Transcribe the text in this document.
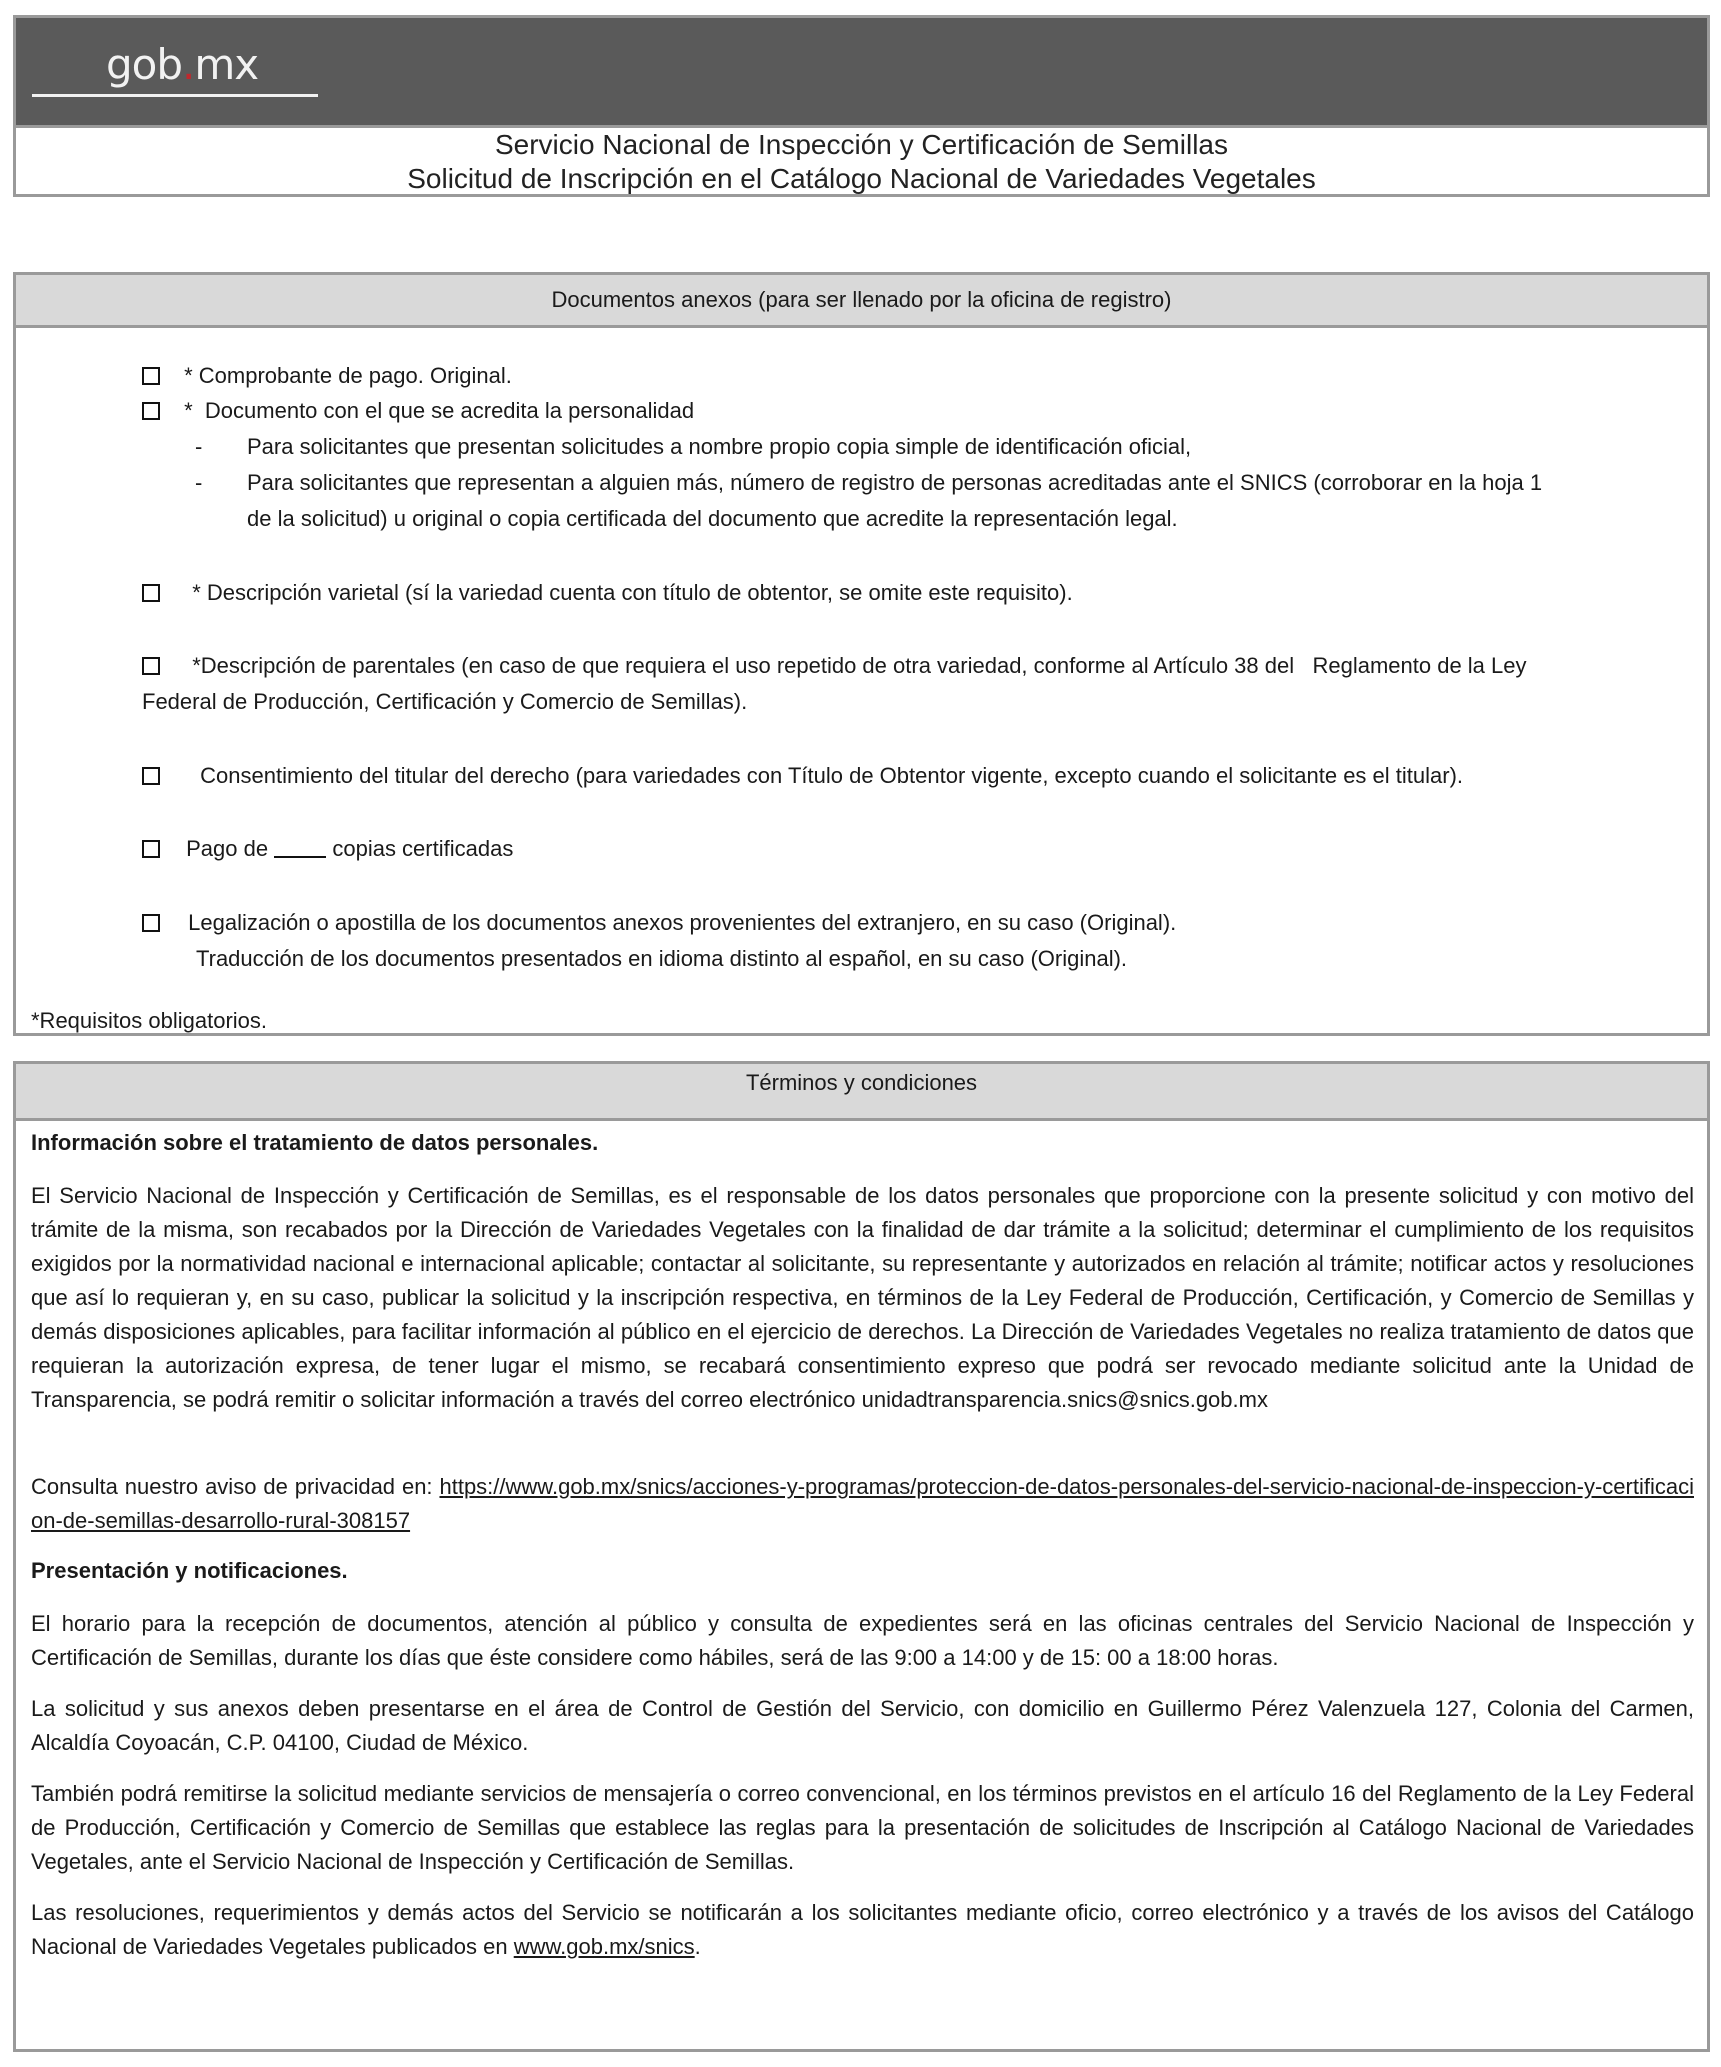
gob.mx
Servicio Nacional de Inspección y Certificación de Semillas
Solicitud de Inscripción en el Catálogo Nacional de Variedades Vegetales
Documentos anexos (para ser llenado por la oficina de registro)
* Comprobante de pago. Original.
*  Documento con el que se acredita la personalidad
- Para solicitantes que presentan solicitudes a nombre propio copia simple de identificación oficial,
- Para solicitantes que representan a alguien más, número de registro de personas acreditadas ante el SNICS (corroborar en la hoja 1
de la solicitud) u original o copia certificada del documento que acredite la representación legal.
* Descripción varietal (sí la variedad cuenta con título de obtentor, se omite este requisito).
*Descripción de parentales (en caso de que requiera el uso repetido de otra variedad, conforme al Artículo 38 del   Reglamento de la Ley
Federal de Producción, Certificación y Comercio de Semillas).
Consentimiento del titular del derecho (para variedades con Título de Obtentor vigente, excepto cuando el solicitante es el titular).
Pago de	copias certificadas
Legalización o apostilla de los documentos anexos provenientes del extranjero, en su caso (Original).
Traducción de los documentos presentados en idioma distinto al español, en su caso (Original).
*Requisitos obligatorios.
Términos y condiciones
Información sobre el tratamiento de datos personales.
El Servicio Nacional de Inspección y Certificación de Semillas, es el responsable de los datos personales que proporcione con la presente solicitud y con motivo del trámite de la misma, son recabados por la Dirección de Variedades Vegetales con la finalidad de dar trámite a la solicitud; determinar el cumplimiento de los requisitos exigidos por la normatividad nacional e internacional aplicable; contactar al solicitante, su representante y autorizados en relación al trámite; notificar actos y resoluciones que así lo requieran y, en su caso, publicar la solicitud y la inscripción respectiva, en términos de la Ley Federal de Producción, Certificación, y Comercio de Semillas y demás disposiciones aplicables, para facilitar información al público en el ejercicio de derechos. La Dirección de Variedades Vegetales no realiza tratamiento de datos que requieran la autorización expresa, de tener lugar el mismo, se recabará consentimiento expreso que podrá ser revocado mediante solicitud ante la Unidad de Transparencia, se podrá remitir o solicitar información a través del correo electrónico unidadtransparencia.snics@snics.gob.mx
Consulta nuestro aviso de privacidad en: https://www.gob.mx/snics/acciones-y-programas/proteccion-de-datos-personales-del-servicio-nacional-de-inspeccion-y-certificacion-de-semillas-desarrollo-rural-308157
Presentación y notificaciones.
El horario para la recepción de documentos, atención al público y consulta de expedientes será en las oficinas centrales del Servicio Nacional de Inspección y Certificación de Semillas, durante los días que éste considere como hábiles, será de las 9:00 a 14:00 y de 15: 00 a 18:00 horas.
La solicitud y sus anexos deben presentarse en el área de Control de Gestión del Servicio, con domicilio en Guillermo Pérez Valenzuela 127, Colonia del Carmen, Alcaldía Coyoacán, C.P. 04100, Ciudad de México.
También podrá remitirse la solicitud mediante servicios de mensajería o correo convencional, en los términos previstos en el artículo 16 del Reglamento de la Ley Federal de Producción, Certificación y Comercio de Semillas que establece las reglas para la presentación de solicitudes de Inscripción al Catálogo Nacional de Variedades Vegetales, ante el Servicio Nacional de Inspección y Certificación de Semillas.
Las resoluciones, requerimientos y demás actos del Servicio se notificarán a los solicitantes mediante oficio, correo electrónico y a través de los avisos del Catálogo Nacional de Variedades Vegetales publicados en www.gob.mx/snics.
